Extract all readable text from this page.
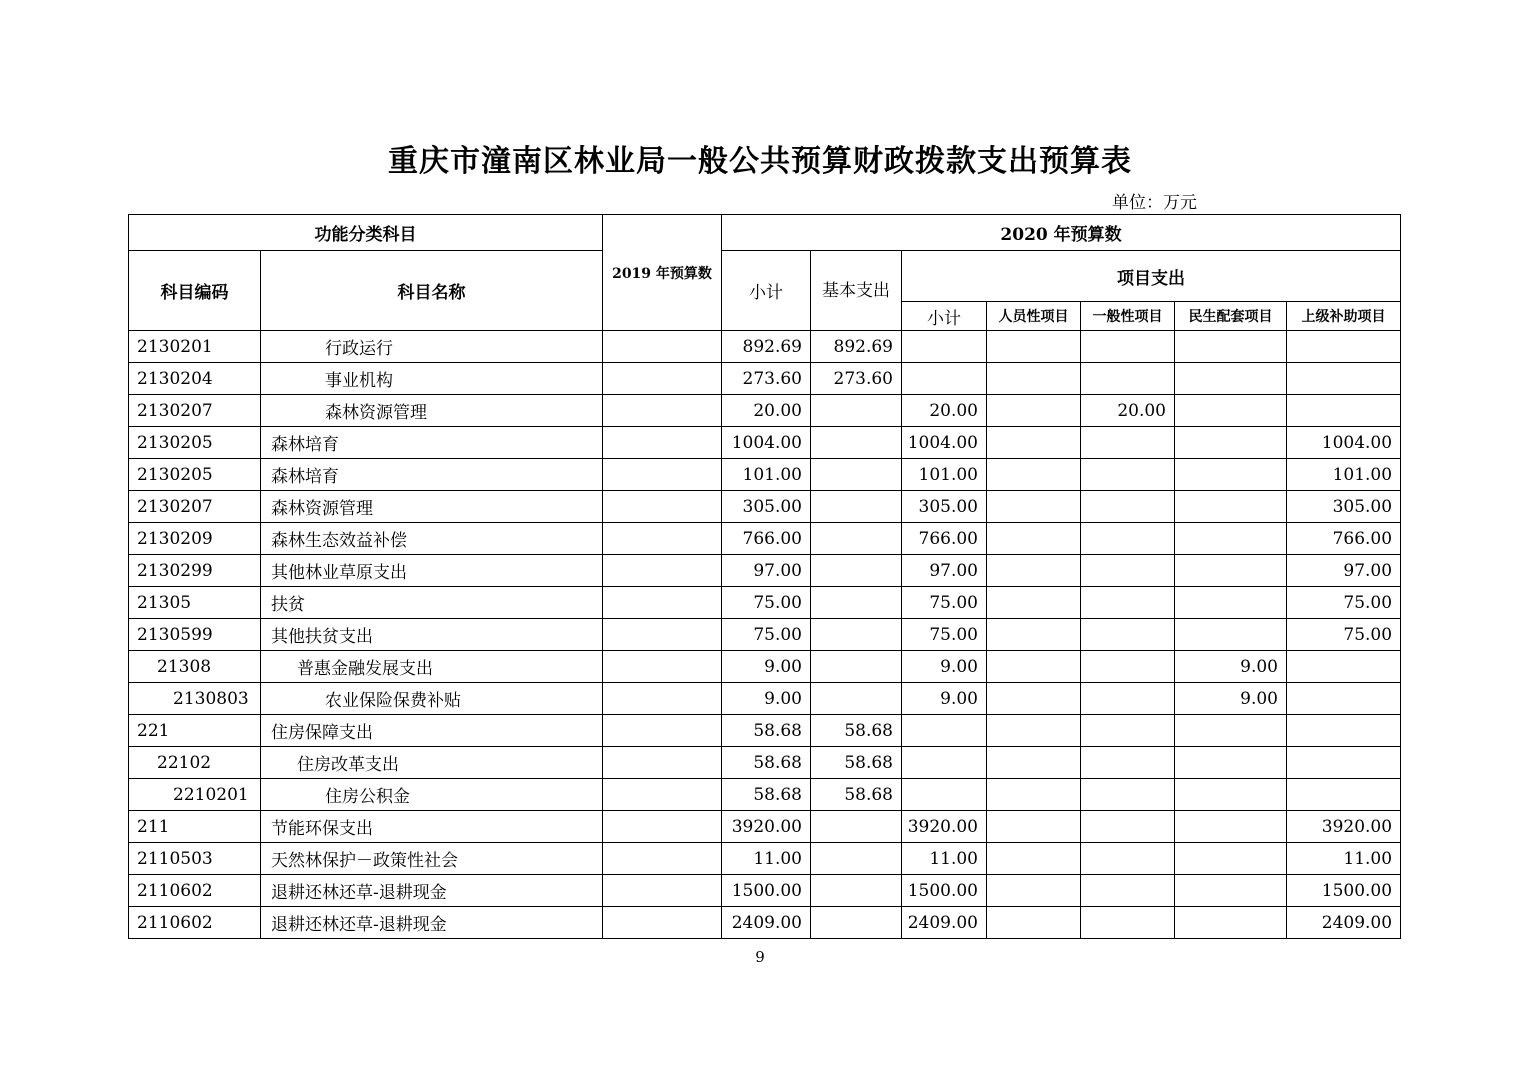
重庆市潼南区林业局一般公共预算财政拨款支出预算表
单位：万元
功能分类科目		2019 年预算数	2020 年预算数						
科目编码	科目名称		小计	基本支出	项目支出				
					小计	人员性项目	一般性项目	民生配套项目	上级补助项目
2130201	行政运行		892.69	892.69					
2130204	事业机构		273.60	273.60					
2130207	森林资源管理		20.00		20.00		20.00		
2130205	森林培育		1004.00		1004.00				1004.00
2130205	森林培育		101.00		101.00				101.00
2130207	森林资源管理		305.00		305.00				305.00
2130209	森林生态效益补偿		766.00		766.00				766.00
2130299	其他林业草原支出		97.00		97.00				97.00
21305	扶贫		75.00		75.00				75.00
2130599	其他扶贫支出		75.00		75.00				75.00
21308	普惠金融发展支出		9.00		9.00			9.00	
2130803	农业保险保费补贴		9.00		9.00			9.00	
221	住房保障支出		58.68	58.68					
22102	住房改革支出		58.68	58.68					
2210201	住房公积金		58.68	58.68					
211	节能环保支出		3920.00		3920.00				3920.00
2110503	天然林保护－政策性社会		11.00		11.00				11.00
2110602	退耕还林还草-退耕现金		1500.00		1500.00				1500.00
2110602	退耕还林还草-退耕现金		2409.00		2409.00				2409.00
9
